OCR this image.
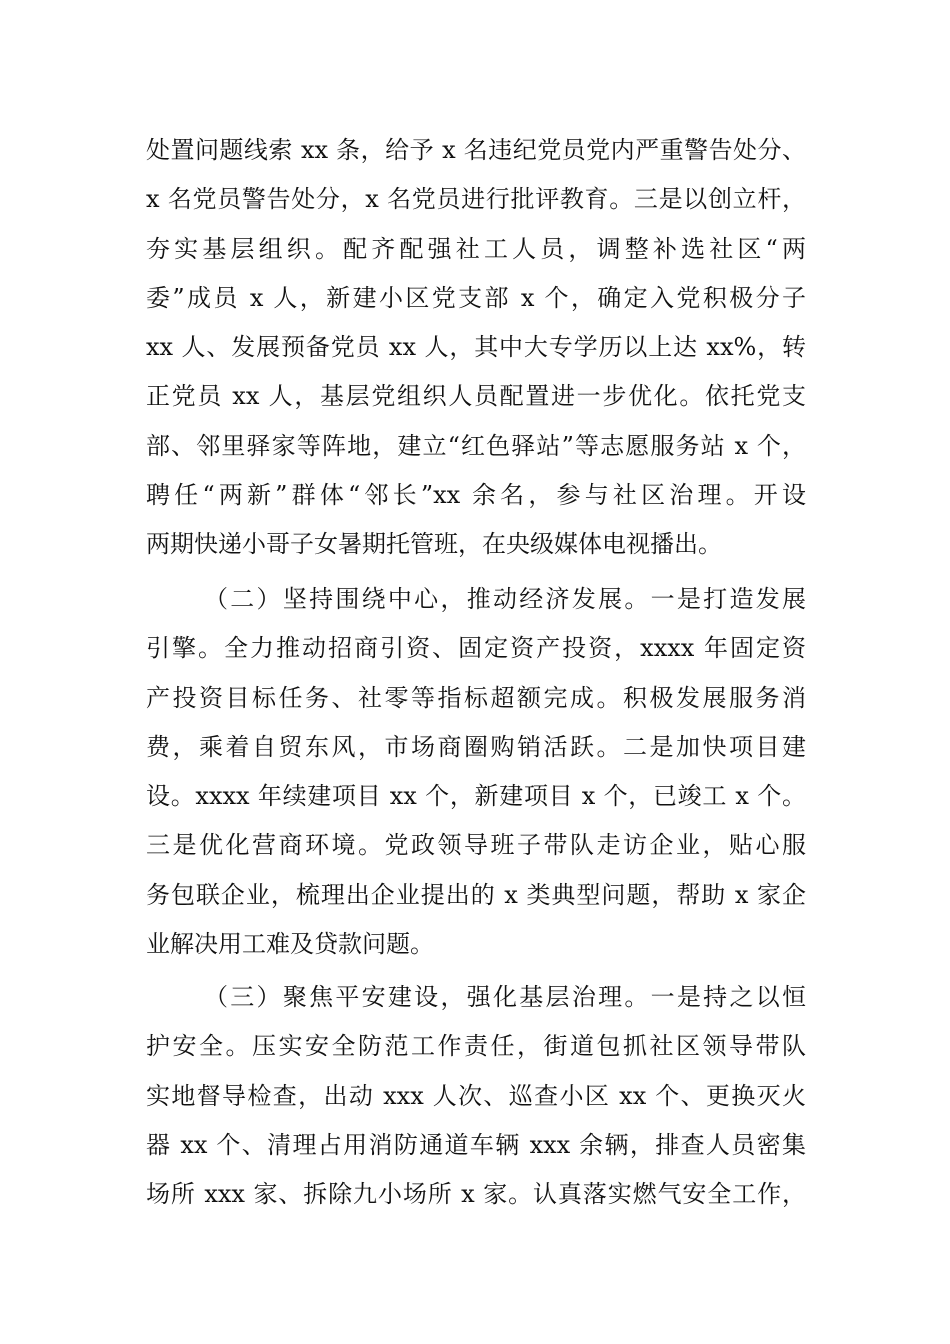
处置问题线索 xx 条，给予 x 名违纪党员党内严重警告处分、
x 名党员警告处分，x 名党员进行批评教育。三是以创立杆，
夯实基层组织。配齐配强社工人员，调整补选社区“两
委”成员 x 人，新建小区党支部 x 个，确定入党积极分子
xx 人、发展预备党员 xx 人，其中大专学历以上达 xx%，转
正党员 xx 人，基层党组织人员配置进一步优化。依托党支
部、邻里驿家等阵地，建立“红色驿站”等志愿服务站 x 个，
聘任“两新”群体“邻长”xx 余名，参与社区治理。开设
两期快递小哥子女暑期托管班，在央级媒体电视播出。
（二）坚持围绕中心，推动经济发展。一是打造发展
引擎。全力推动招商引资、固定资产投资，xxxx 年固定资
产投资目标任务、社零等指标超额完成。积极发展服务消
费，乘着自贸东风，市场商圈购销活跃。二是加快项目建
设。xxxx 年续建项目 xx 个，新建项目 x 个，已竣工 x 个。
三是优化营商环境。党政领导班子带队走访企业，贴心服
务包联企业，梳理出企业提出的 x 类典型问题，帮助 x 家企
业解决用工难及贷款问题。
（三）聚焦平安建设，强化基层治理。一是持之以恒
护安全。压实安全防范工作责任，街道包抓社区领导带队
实地督导检查，出动 xxx 人次、巡查小区 xx 个、更换灭火
器 xx 个、清理占用消防通道车辆 xxx 余辆，排查人员密集
场所 xxx 家、拆除九小场所 x 家。认真落实燃气安全工作，
